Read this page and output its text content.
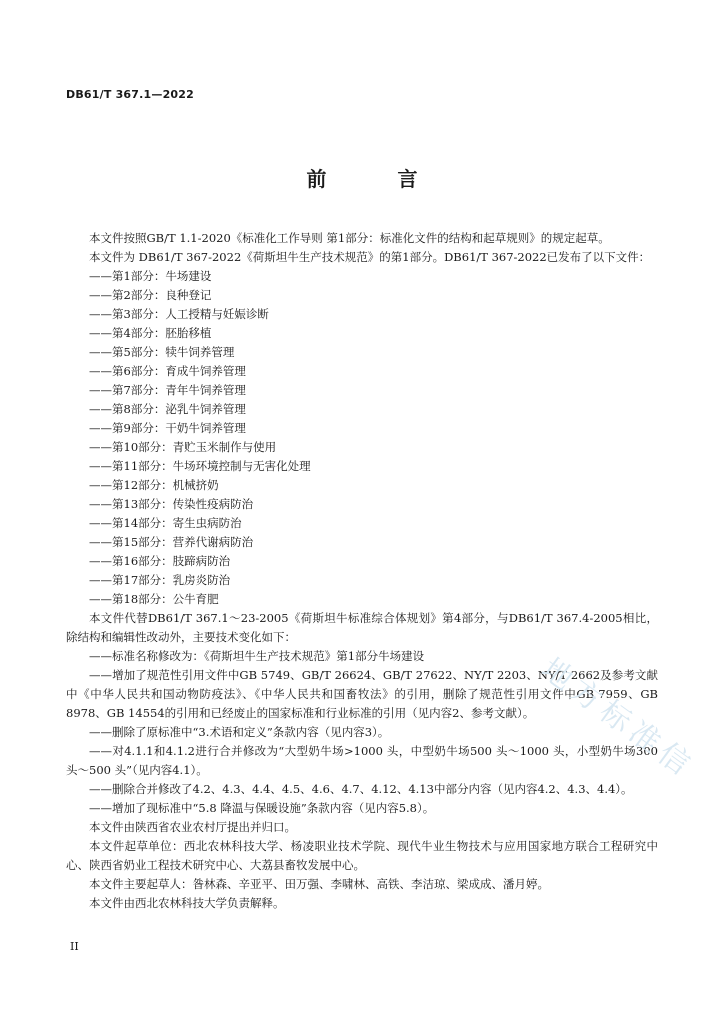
DB61/T 367.1—2022
前 言

本文件按照GB/T 1.1-2020《标准化工作导则 第1部分：标准化文件的结构和起草规则》的规定起草。

本文件为 DB61/T 367-2022《荷斯坦牛生产技术规范》的第1部分。DB61/T 367-2022已发布了以下文件：

——第1部分：牛场建设

——第2部分：良种登记

——第3部分：人工授精与妊娠诊断

——第4部分：胚胎移植

——第5部分：犊牛饲养管理

——第6部分：育成牛饲养管理

——第7部分：青年牛饲养管理

——第8部分：泌乳牛饲养管理

——第9部分：干奶牛饲养管理

——第10部分：青贮玉米制作与使用

——第11部分：牛场环境控制与无害化处理

——第12部分：机械挤奶

——第13部分：传染性疫病防治

——第14部分：寄生虫病防治

——第15部分：营养代谢病防治

——第16部分：肢蹄病防治

——第17部分：乳房炎防治

——第18部分：公牛育肥

本文件代替DB61/T 367.1～23-2005《荷斯坦牛标准综合体规划》第4部分，与DB61/T 367.4-2005相比，除结构和编辑性改动外，主要技术变化如下：

——标准名称修改为：《荷斯坦牛生产技术规范》第1部分牛场建设

——增加了规范性引用文件中GB 5749、GB/T 26624、GB/T 27622、NY/T 2203、NY/T 2662及参考文献中《中华人民共和国动物防疫法》、《中华人民共和国畜牧法》的引用，删除了规范性引用文件中GB 7959、GB 8978、GB 14554的引用和已经废止的国家标准和行业标准的引用（见内容2、参考文献）。

——删除了原标准中“3.术语和定义”条款内容（见内容3）。

——对4.1.1和4.1.2进行合并修改为“大型奶牛场>1000 头，中型奶牛场500 头～1000 头，小型奶牛场300 头～500 头”（见内容4.1）。

——删除合并修改了4.2、4.3、4.4、4.5、4.6、4.7、4.12、4.13中部分内容（见内容4.2、4.3、4.4）。

——增加了现标准中“5.8 降温与保暖设施”条款内容（见内容5.8）。

本文件由陕西省农业农村厅提出并归口。

本文件起草单位：西北农林科技大学、杨凌职业技术学院、现代牛业生物技术与应用国家地方联合工程研究中心、陕西省奶业工程技术研究中心、大荔县畜牧发展中心。

本文件主要起草人：昝林森、辛亚平、田万强、李啸林、高铁、李洁琼、梁成成、潘月婷。

本文件由西北农林科技大学负责解释。

地方标准信
II
